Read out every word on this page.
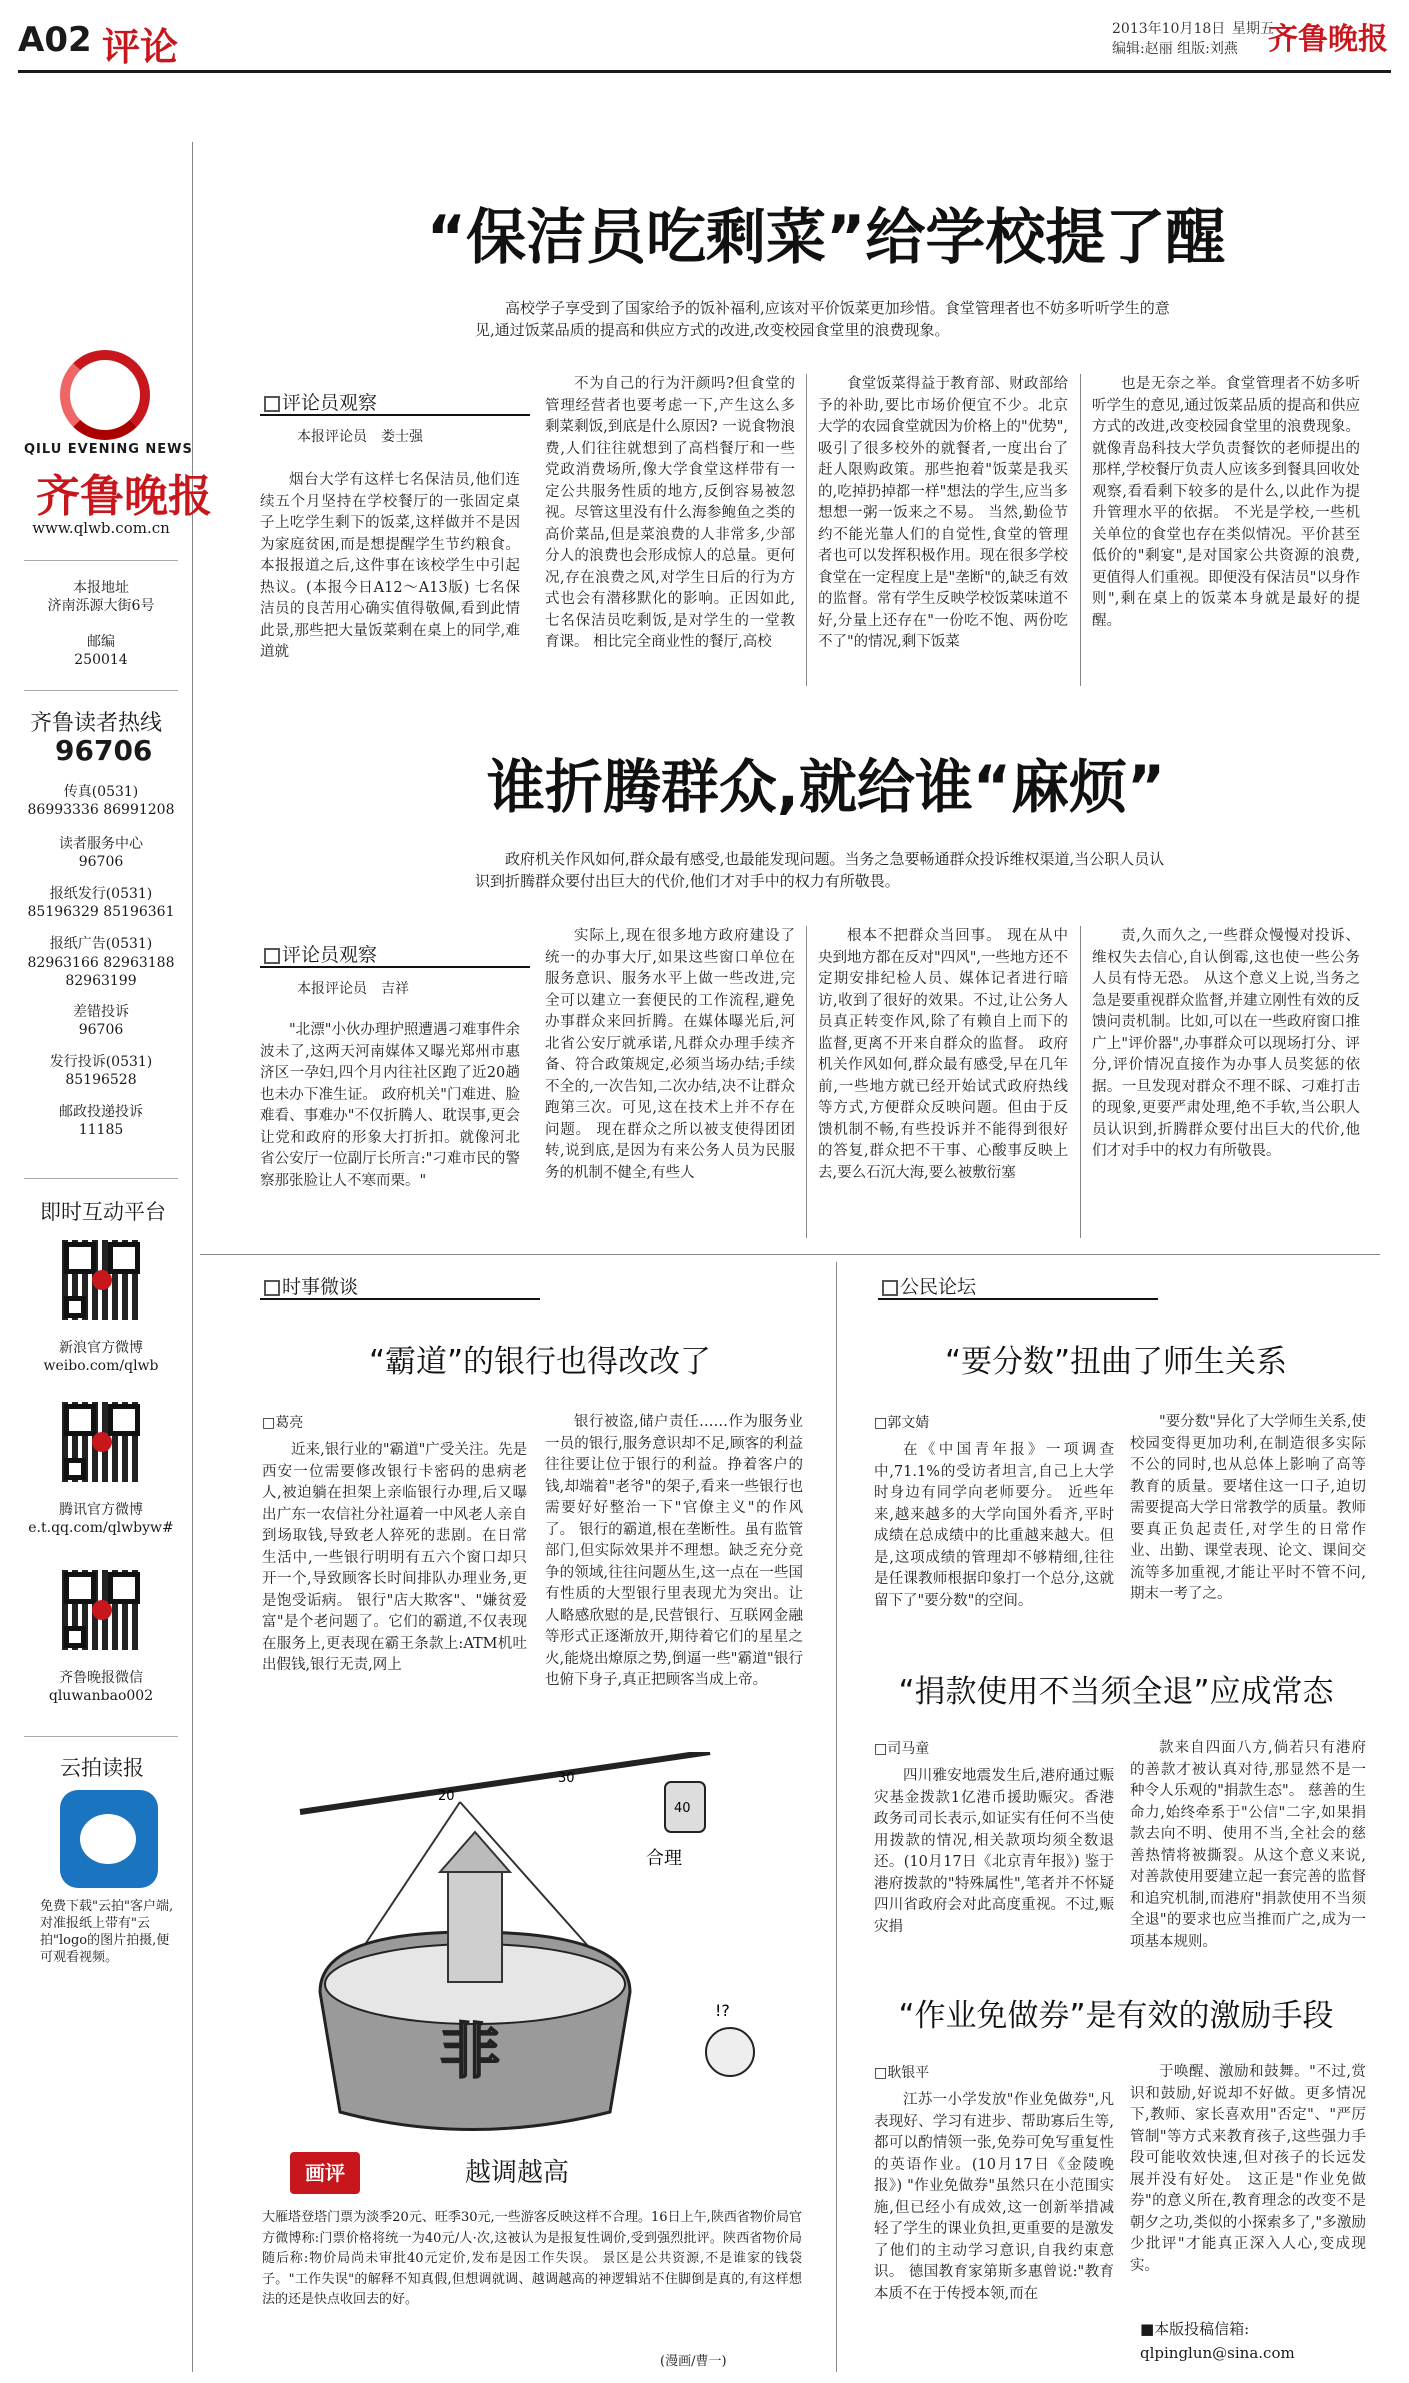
A02 评论	2013年10月18日 星期五
编辑:赵丽 组版:刘燕 齐鲁晚报
QILU EVENING NEWS
齐鲁晚报
www.qlwb.com.cn
本报地址
济南泺源大街6号
邮编
250014
齐鲁读者热线
96706
传真(0531)
86993336 86991208
读者服务中心
96706
报纸发行(0531)
85196329 85196361
报纸广告(0531)
82963166 82963188 82963199
差错投诉
96706
发行投诉(0531)
85196528
邮政投递投诉
11185
即时互动平台
新浪官方微博
weibo.com/qlwb
腾讯官方微博
e.t.qq.com/qlwbyw#
齐鲁晚报微信
qluwanbao002
云拍读报
免费下载"云拍"客户端,对准报纸上带有"云拍"logo的图片拍摄,便可观看视频。
“保洁员吃剩菜”给学校提了醒
高校学子享受到了国家给予的饭补福利,应该对平价饭菜更加珍惜。食堂管理者也不妨多听听学生的意见,通过饭菜品质的提高和供应方式的改进,改变校园食堂里的浪费现象。
评论员观察
本报评论员　娄士强
烟台大学有这样七名保洁员,他们连续五个月坚持在学校餐厅的一张固定桌子上吃学生剩下的饭菜,这样做并不是因为家庭贫困,而是想提醒学生节约粮食。本报报道之后,这件事在该校学生中引起热议。(本报今日A12～A13版) 七名保洁员的良苦用心确实值得敬佩,看到此情此景,那些把大量饭菜剩在桌上的同学,难道就
不为自己的行为汗颜吗?但食堂的管理经营者也要考虑一下,产生这么多剩菜剩饭,到底是什么原因? 一说食物浪费,人们往往就想到了高档餐厅和一些党政消费场所,像大学食堂这样带有一定公共服务性质的地方,反倒容易被忽视。尽管这里没有什么海参鲍鱼之类的高价菜品,但是菜浪费的人非常多,少部分人的浪费也会形成惊人的总量。更何况,存在浪费之风,对学生日后的行为方式也会有潜移默化的影响。正因如此,七名保洁员吃剩饭,是对学生的一堂教育课。 相比完全商业性的餐厅,高校
食堂饭菜得益于教育部、财政部给予的补助,要比市场价便宜不少。北京大学的农园食堂就因为价格上的"优势",吸引了很多校外的就餐者,一度出台了赶人限购政策。那些抱着"饭菜是我买的,吃掉扔掉都一样"想法的学生,应当多想想一粥一饭来之不易。 当然,勤俭节约不能光靠人们的自觉性,食堂的管理者也可以发挥积极作用。现在很多学校食堂在一定程度上是"垄断"的,缺乏有效的监督。常有学生反映学校饭菜味道不好,分量上还存在"一份吃不饱、两份吃不了"的情况,剩下饭菜
也是无奈之举。食堂管理者不妨多听听学生的意见,通过饭菜品质的提高和供应方式的改进,改变校园食堂里的浪费现象。就像青岛科技大学负责餐饮的老师提出的那样,学校餐厅负责人应该多到餐具回收处观察,看看剩下较多的是什么,以此作为提升管理水平的依据。 不光是学校,一些机关单位的食堂也存在类似情况。平价甚至低价的"剩宴",是对国家公共资源的浪费,更值得人们重视。即便没有保洁员"以身作则",剩在桌上的饭菜本身就是最好的提醒。
谁折腾群众,就给谁“麻烦”
政府机关作风如何,群众最有感受,也最能发现问题。当务之急要畅通群众投诉维权渠道,当公职人员认识到折腾群众要付出巨大的代价,他们才对手中的权力有所敬畏。
评论员观察
本报评论员　吉祥
"北漂"小伙办理护照遭遇刁难事件余波未了,这两天河南媒体又曝光郑州市惠济区一孕妇,四个月内往社区跑了近20趟也未办下准生证。 政府机关"门难进、脸难看、事难办"不仅折腾人、耽误事,更会让党和政府的形象大打折扣。就像河北省公安厅一位副厅长所言:"刁难市民的警察那张脸让人不寒而栗。"
实际上,现在很多地方政府建设了统一的办事大厅,如果这些窗口单位在服务意识、服务水平上做一些改进,完全可以建立一套便民的工作流程,避免办事群众来回折腾。在媒体曝光后,河北省公安厅就承诺,凡群众办理手续齐备、符合政策规定,必须当场办结;手续不全的,一次告知,二次办结,决不让群众跑第三次。可见,这在技术上并不存在问题。 现在群众之所以被支使得团团转,说到底,是因为有来公务人员为民服务的机制不健全,有些人
根本不把群众当回事。 现在从中央到地方都在反对"四风",一些地方还不定期安排纪检人员、媒体记者进行暗访,收到了很好的效果。不过,让公务人员真正转变作风,除了有赖自上而下的监督,更离不开来自群众的监督。 政府机关作风如何,群众最有感受,早在几年前,一些地方就已经开始试式政府热线等方式,方便群众反映问题。但由于反馈机制不畅,有些投诉并不能得到很好的答复,群众把不干事、心酸事反映上去,要么石沉大海,要么被敷衍塞
责,久而久之,一些群众慢慢对投诉、维权失去信心,自认倒霉,这也使一些公务人员有恃无恐。 从这个意义上说,当务之急是要重视群众监督,并建立刚性有效的反馈问责机制。比如,可以在一些政府窗口推广上"评价器",办事群众可以现场打分、评分,评价情况直接作为办事人员奖惩的依据。一旦发现对群众不理不睬、刁难打击的现象,更要严肃处理,绝不手软,当公职人员认识到,折腾群众要付出巨大的代价,他们才对手中的权力有所敬畏。
时事微谈
“霸道”的银行也得改改了
□葛亮
近来,银行业的"霸道"广受关注。先是西安一位需要修改银行卡密码的患病老人,被迫躺在担架上亲临银行办理,后又曝出广东一农信社分社逼着一中风老人亲自到场取钱,导致老人猝死的悲剧。在日常生活中,一些银行明明有五六个窗口却只开一个,导致顾客长时间排队办理业务,更是饱受诟病。 银行"店大欺客"、"嫌贫爱富"是个老问题了。它们的霸道,不仅表现在服务上,更表现在霸王条款上:ATM机吐出假钱,银行无责,网上
银行被盗,储户责任……作为服务业一员的银行,服务意识却不足,顾客的利益往往要让位于银行的利益。挣着客户的钱,却端着"老爷"的架子,看来一些银行也需要好好整治一下"官僚主义"的作风了。 银行的霸道,根在垄断性。虽有监管部门,但实际效果并不理想。缺乏充分竞争的领域,往往问题丛生,这一点在一些国有性质的大型银行里表现尤为突出。让人略感欣慰的是,民营银行、互联网金融等形式正逐渐放开,期待着它们的星星之火,能烧出燎原之势,倒逼一些"霸道"银行也俯下身子,真正把顾客当成上帝。
公民论坛
“要分数”扭曲了师生关系
□郭文婧
在《中国青年报》一项调查中,71.1%的受访者坦言,自己上大学时身边有同学向老师要分。 近些年来,越来越多的大学向国外看齐,平时成绩在总成绩中的比重越来越大。但是,这项成绩的管理却不够精细,往往是任课教师根据印象打一个总分,这就留下了"要分数"的空间。
"要分数"异化了大学师生关系,使校园变得更加功利,在制造很多实际不公的同时,也从总体上影响了高等教育的质量。要堵住这一口子,迫切需要提高大学日常教学的质量。教师要真正负起责任,对学生的日常作业、出勤、课堂表现、论文、课间交流等多加重视,才能让平时不管不问,期末一考了之。
“捐款使用不当须全退”应成常态
□司马童
四川雅安地震发生后,港府通过赈灾基金拨款1亿港币援助赈灾。香港政务司司长表示,如证实有任何不当使用拨款的情况,相关款项均须全数退还。(10月17日《北京青年报》) 鉴于港府拨款的"特殊属性",笔者并不怀疑四川省政府会对此高度重视。不过,赈灾捐
款来自四面八方,倘若只有港府的善款才被认真对待,那显然不是一种令人乐观的"捐款生态"。 慈善的生命力,始终牵系于"公信"二字,如果捐款去向不明、使用不当,全社会的慈善热情将被撕裂。从这个意义来说,对善款使用要建立起一套完善的监督和追究机制,而港府"捐款使用不当须全退"的要求也应当推而广之,成为一项基本规则。
“作业免做券”是有效的激励手段
□耿银平
江苏一小学发放"作业免做券",凡表现好、学习有进步、帮助寡后生等,都可以酌情领一张,免券可免写重复性的英语作业。(10月17日《金陵晚报》) "作业免做券"虽然只在小范围实施,但已经小有成效,这一创新举措减轻了学生的课业负担,更重要的是激发了他们的主动学习意识,自我约束意识。 德国教育家第斯多惠曾说:"教育本质不在于传授本领,而在
于唤醒、激励和鼓舞。"不过,赏识和鼓励,好说却不好做。更多情况下,教师、家长喜欢用"否定"、"严厉管制"等方式来教育孩子,这些强力手段可能收效快速,但对孩子的长远发展并没有好处。 这正是"作业免做券"的意义所在,教育理念的改变不是朝夕之功,类似的小探索多了,"多激励少批评"才能真正深入人心,变成现实。
■本版投稿信箱:
qlpinglun@sina.com
20
30
40
合理
非
!?
画评	越调越高
大雁塔登塔门票为淡季20元、旺季30元,一些游客反映这样不合理。16日上午,陕西省物价局官方微博称:门票价格将统一为40元/人·次,这被认为是报复性调价,受到强烈批评。陕西省物价局随后称:物价局尚未审批40元定价,发布是因工作失误。 景区是公共资源,不是谁家的钱袋子。"工作失误"的解释不知真假,但想调就调、越调越高的神逻辑站不住脚倒是真的,有这样想法的还是快点收回去的好。
(漫画/曹一)
